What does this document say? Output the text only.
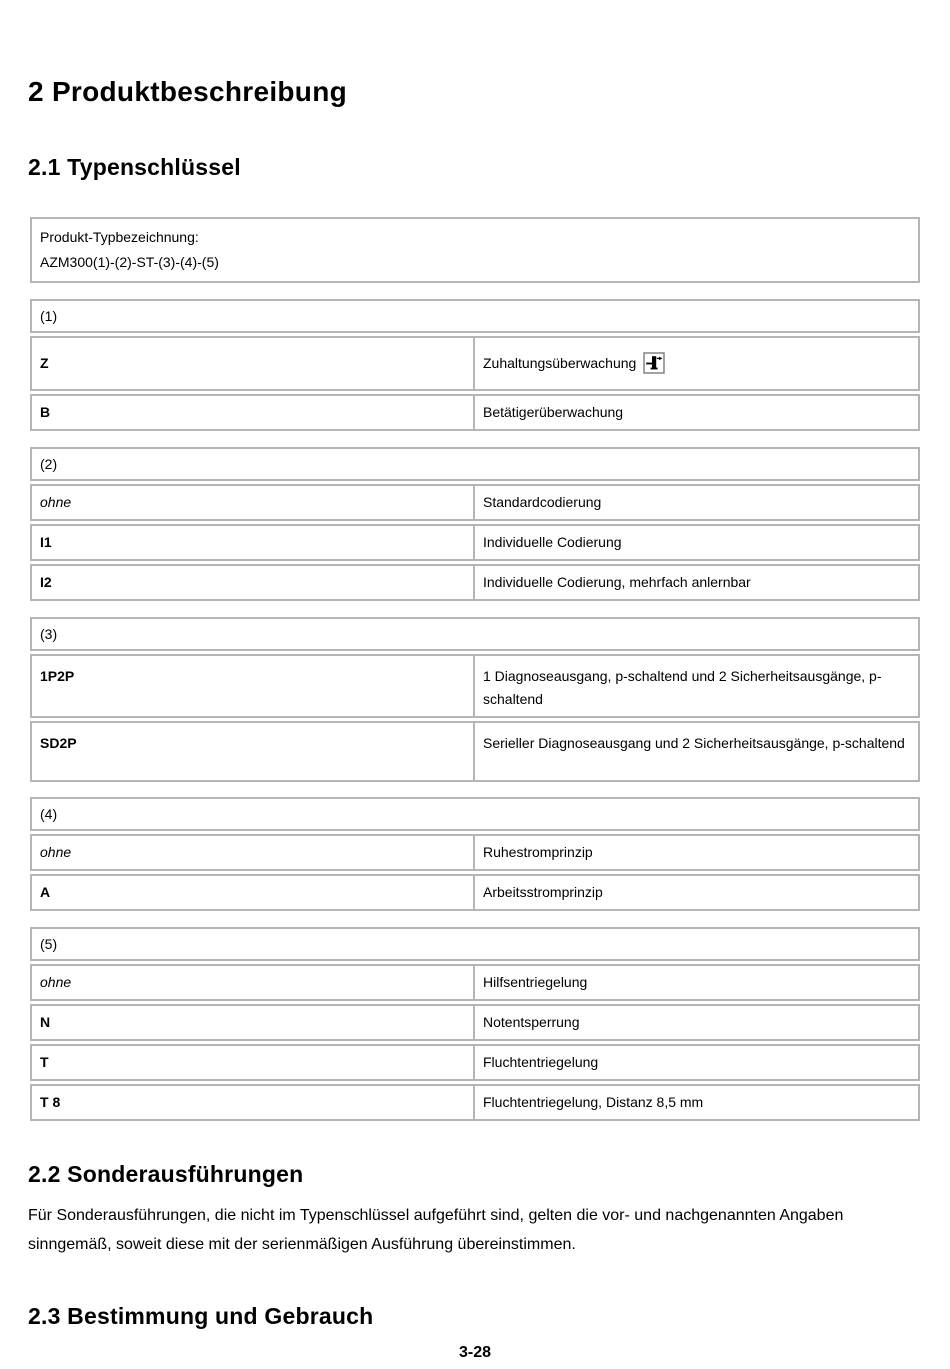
2 Produktbeschreibung
2.1 Typenschlüssel
Produkt-Typbezeichnung:
AZM300(1)-(2)-ST-(3)-(4)-(5)
(1)
Z	Zuhaltungsüberwachung
B	Betätigerüberwachung
(2)
ohne	Standardcodierung
I1	Individuelle Codierung
I2	Individuelle Codierung, mehrfach anlernbar
(3)
1P2P	1 Diagnoseausgang, p-schaltend und 2 Sicherheitsausgänge, p-schaltend
SD2P	Serieller Diagnoseausgang und 2 Sicherheitsausgänge, p-schaltend
(4)
ohne	Ruhestromprinzip
A	Arbeitsstromprinzip
(5)
ohne	Hilfsentriegelung
N	Notentsperrung
T	Fluchtentriegelung
T 8	Fluchtentriegelung, Distanz 8,5 mm
2.2 Sonderausführungen

Für Sonderausführungen, die nicht im Typenschlüssel aufgeführt sind, gelten die vor- und nachgenannten Angaben sinngemäß, soweit diese mit der serienmäßigen Ausführung übereinstimmen.

2.3 Bestimmung und Gebrauch
3-28
